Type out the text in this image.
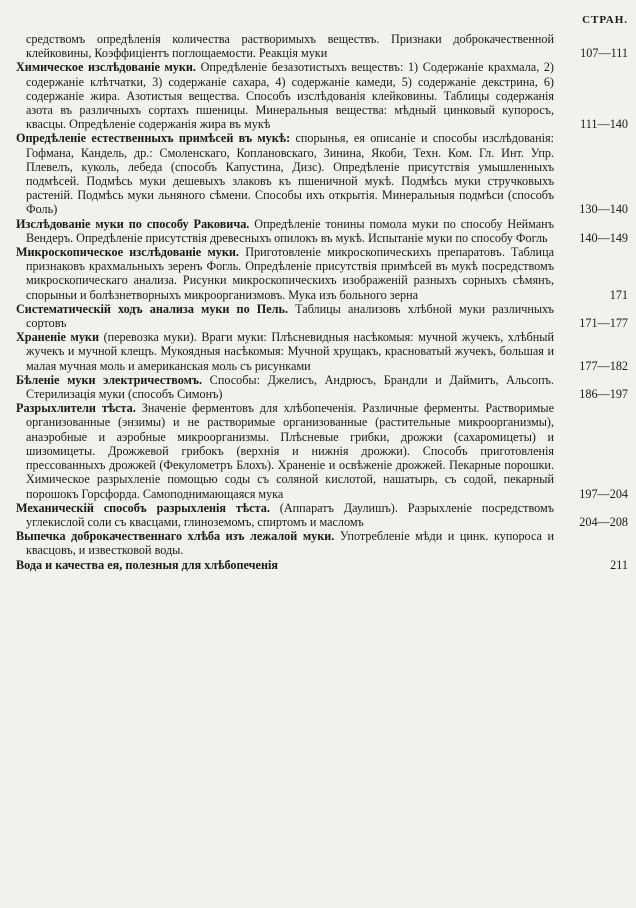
СТРАН.

средствомъ опредѣленія количества растворимыхъ веществъ. Признаки доброкачественной клейковины, Коэффиціентъ поглощаемости. Реакція муки	107—111

Химическое изслѣдованіе муки. Опредѣленіе безазотистыхъ веществъ: 1) Содержаніе крахмала, 2) содержаніе клѣтчатки, 3) содержаніе сахара, 4) содержаніе камеди, 5) содержаніе декстрина, 6) содержаніе жира. Азотистыя вещества. Способъ изслѣдованія клейковины. Таблицы содержанія азота въ различныхъ сортахъ пшеницы. Минеральныя вещества: мѣдный цинковый купоросъ, квасцы. Опредѣленіе содержанія жира въ мукѣ	111—140

Опредѣленіе естественныхъ примѣсей въ мукѣ: спорынья, ея описаніе и способы изслѣдованія: Гофмана, Кандель, др.: Смоленскаго, Коплановскаго, Зинина, Якоби, Техн. Ком. Гл. Инт. Упр. Плевелъ, куколь, лебеда (способъ Капустина, Дизс). Опредѣленіе присутствія умышленныхъ подмѣсей. Подмѣсь муки дешевыхъ злаковъ къ пшеничной мукѣ. Подмѣсь муки стручковыхъ растеній. Подмѣсь муки льняного сѣмени. Способы ихъ открытія. Минеральныя подмѣси (способъ Фоль)	130—140

Изслѣдованіе муки по способу Раковича. Опредѣленіе тонины помола муки по способу Нейманъ Вендеръ. Опредѣленіе присутствія древесныхъ опилокъ въ мукѣ. Испытаніе муки по способу Фогль	140—149

Микроскопическое изслѣдованіе муки. Приготовленіе микроскопическихъ препаратовъ. Таблица признаковъ крахмальныхъ зеренъ Фогль. Опредѣленіе присутствія примѣсей въ мукѣ посредствомъ микроскопическаго анализа. Рисунки микроскопическихъ изображеній разныхъ сорныхъ сѣмянъ, спорыньи и болѣзнетворныхъ микроорганизмовъ. Мука изъ больного зерна	171

Систематическій ходъ анализа муки по Пель. Таблицы анализовъ хлѣбной муки различныхъ сортовъ	171—177

Храненіе муки (перевозка муки). Враги муки: Плѣсневидныя насѣкомыя: мучной жучекъ, хлѣбный жучекъ и мучной клещъ. Мукоядныя насѣкомыя: Мучной хрущакъ, красноватый жучекъ, большая и малая мучная моль и американская моль съ рисунками	177—182

Бѣленіе муки электричествомъ. Способы: Джелисъ, Андрюсъ, Брандли и Даймитъ, Альсопъ. Стерилизація муки (способъ Симонъ)	186—197

Разрыхлители тѣста. Значеніе ферментовъ для хлѣбопеченія. Различные ферменты. Растворимые организованные (энзимы) и не растворимые организованные (растительные микроорганизмы), анаэробные и аэробные микроорганизмы. Плѣсневые грибки, дрожжи (сахаромицеты) и шизомицеты. Дрожжевой грибокъ (верхнія и нижнія дрожжи). Способъ приготовленія прессованныхъ дрожжей (Фекулометръ Блохъ). Храненіе и освѣженіе дрожжей. Пекарные порошки. Химическое разрыхленіе помощью соды съ соляной кислотой, нашатырь, съ содой, пекарный порошокъ Горсфорда. Самоподнимающаяся мука	197—204

Механическій способъ разрыхленія тѣста. (Аппаратъ Даулишъ). Разрыхленіе посредствомъ углекислой соли съ квасцами, глиноземомъ, спиртомъ и масломъ	204—208

Выпечка доброкачественнаго хлѣба изъ лежалой муки. Употребленіе мѣди и цинк. купороса и квасцовъ, и известковой воды.

Вода и качества ея, полезныя для хлѣбопеченія	211
